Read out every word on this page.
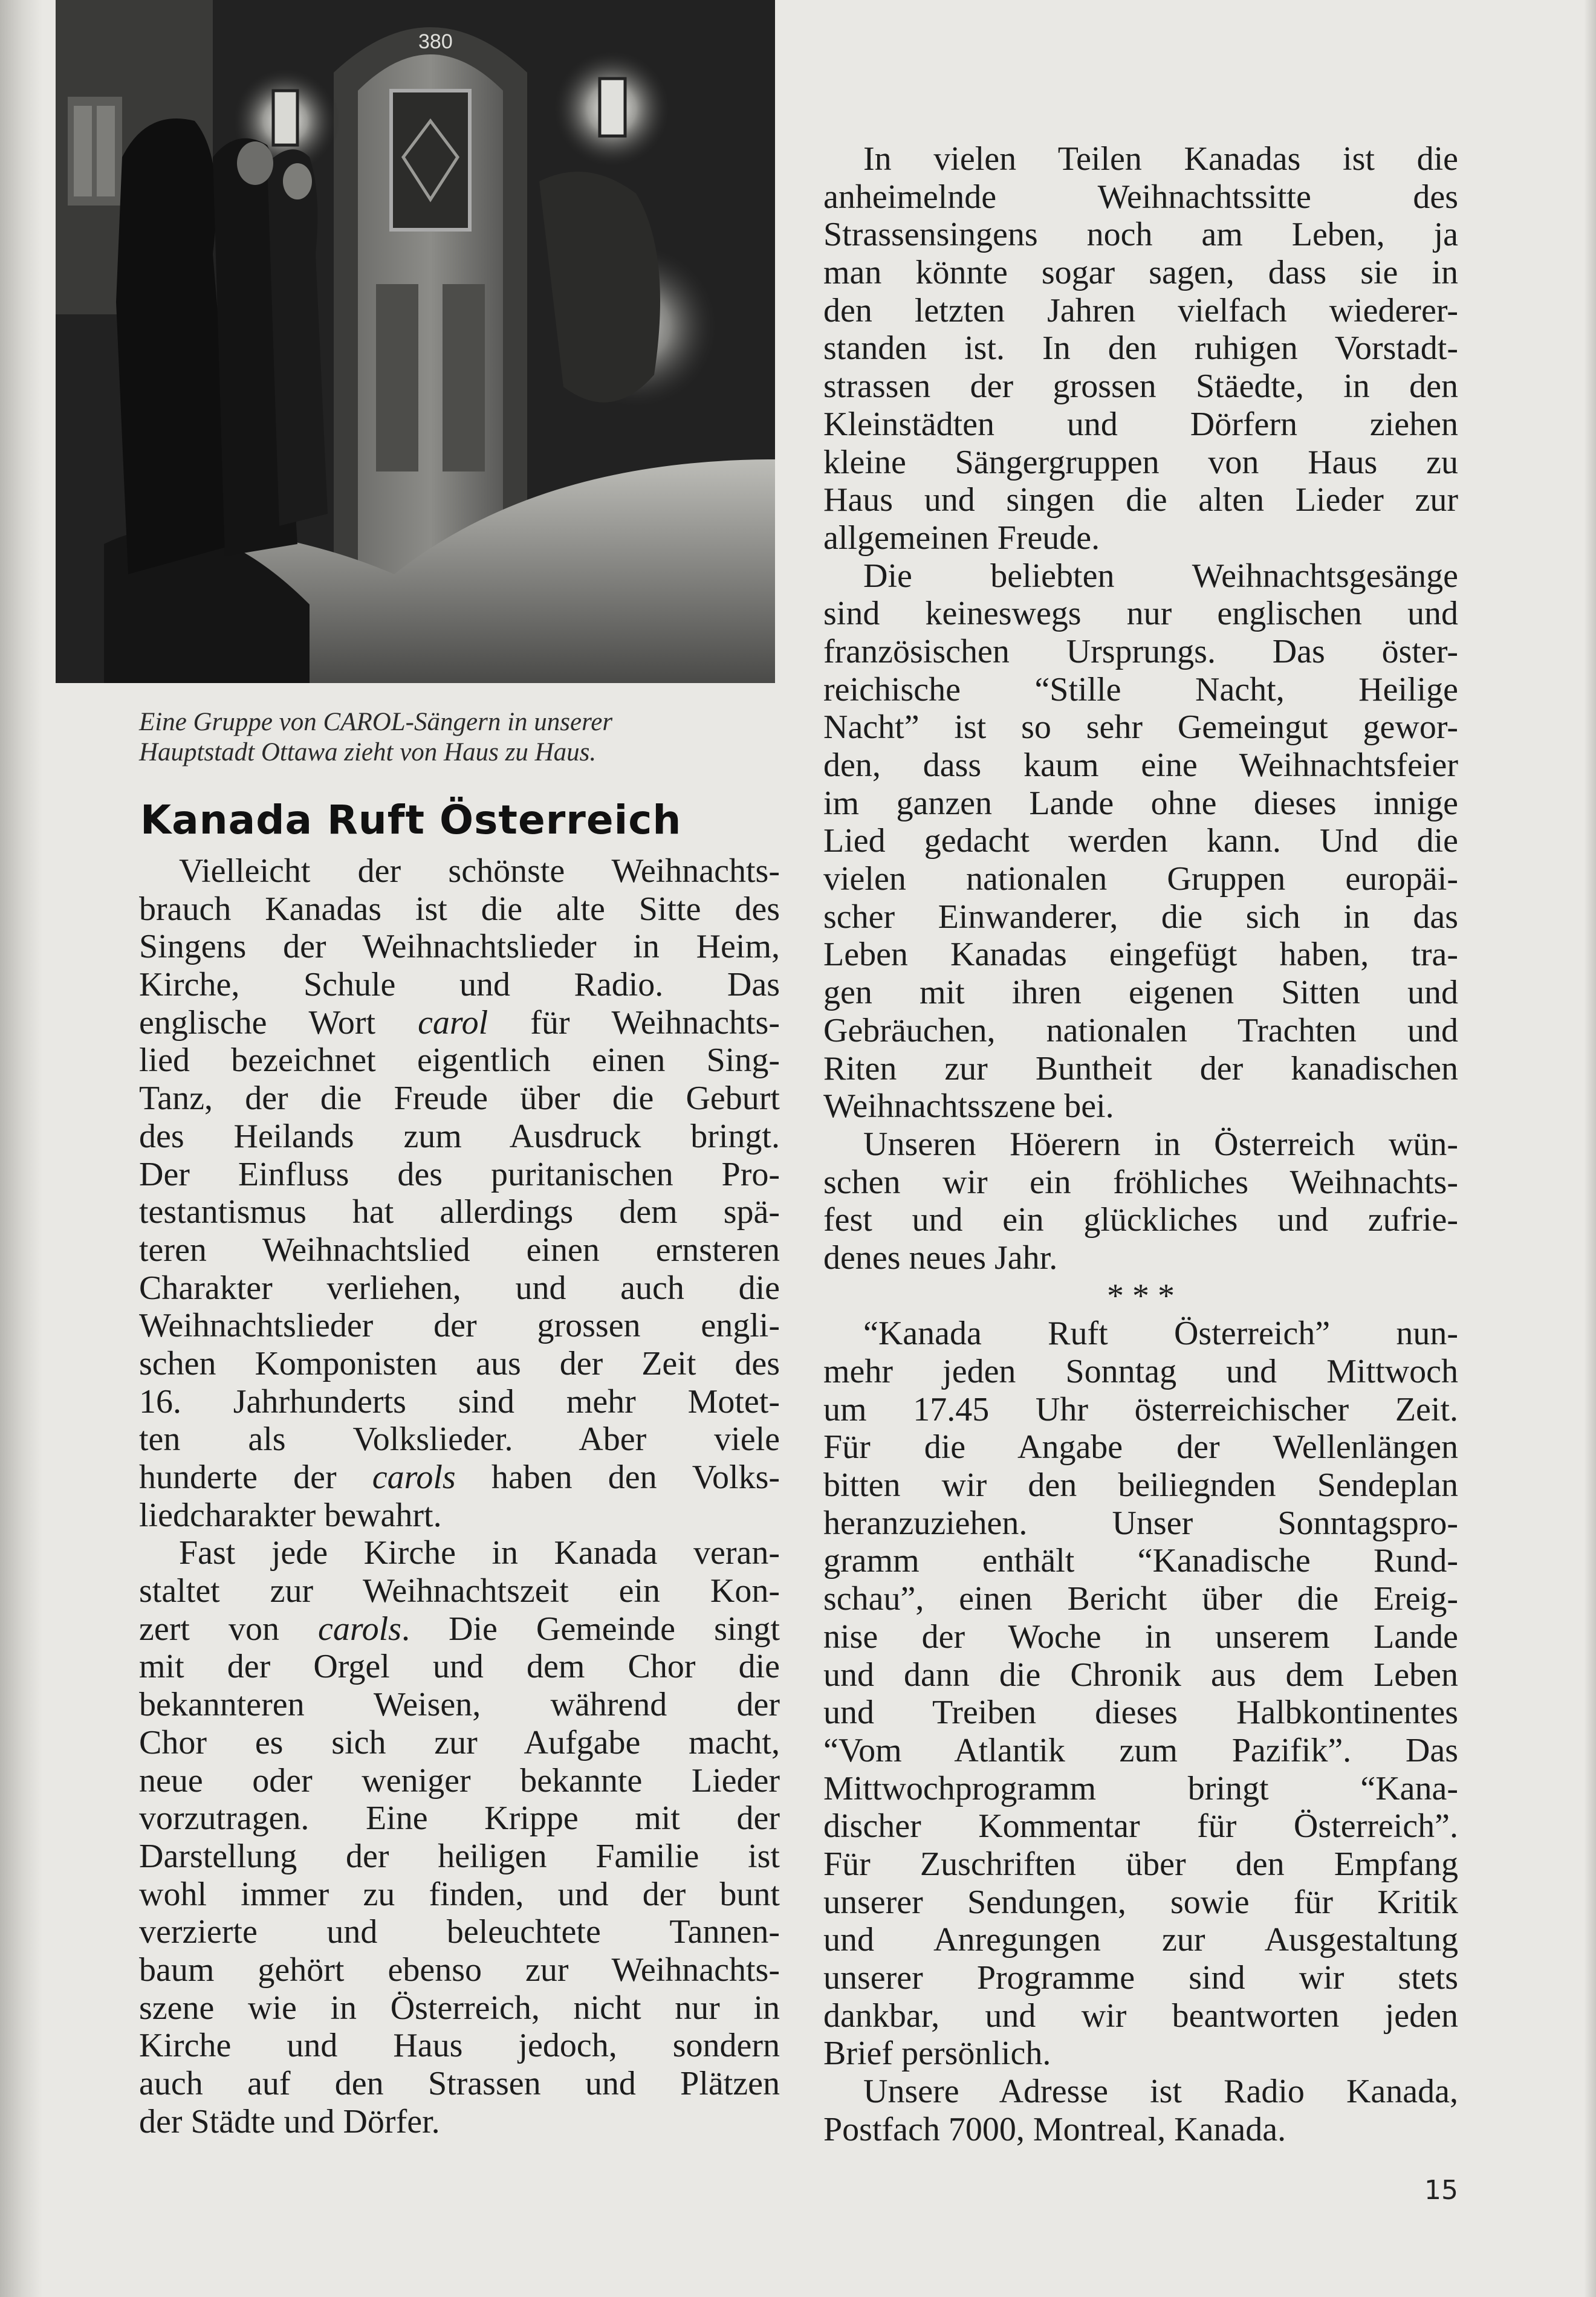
380
Eine Gruppe von CAROL-Sängern in unserer
Hauptstadt Ottawa zieht von Haus zu Haus.
Kanada Ruft Österreich
Vielleicht der schönste Weihnachts-
brauch Kanadas ist die alte Sitte des
Singens der Weihnachtslieder in Heim,
Kirche, Schule und Radio. Das
englische Wort carol für Weihnachts-
lied bezeichnet eigentlich einen Sing-
Tanz, der die Freude über die Geburt
des Heilands zum Ausdruck bringt.
Der Einfluss des puritanischen Pro-
testantismus hat allerdings dem spä-
teren Weihnachtslied einen ernsteren
Charakter verliehen, und auch die
Weihnachtslieder der grossen engli-
schen Komponisten aus der Zeit des
16. Jahrhunderts sind mehr Motet-
ten als Volkslieder. Aber viele
hunderte der carols haben den Volks-
liedcharakter bewahrt.
Fast jede Kirche in Kanada veran-
staltet zur Weihnachtszeit ein Kon-
zert von carols. Die Gemeinde singt
mit der Orgel und dem Chor die
bekannteren Weisen, während der
Chor es sich zur Aufgabe macht,
neue oder weniger bekannte Lieder
vorzutragen. Eine Krippe mit der
Darstellung der heiligen Familie ist
wohl immer zu finden, und der bunt
verzierte und beleuchtete Tannen-
baum gehört ebenso zur Weihnachts-
szene wie in Österreich, nicht nur in
Kirche und Haus jedoch, sondern
auch auf den Strassen und Plätzen
der Städte und Dörfer.
In vielen Teilen Kanadas ist die
anheimelnde Weihnachtssitte des
Strassensingens noch am Leben, ja
man könnte sogar sagen, dass sie in
den letzten Jahren vielfach wiederer-
standen ist. In den ruhigen Vorstadt-
strassen der grossen Stäedte, in den
Kleinstädten und Dörfern ziehen
kleine Sängergruppen von Haus zu
Haus und singen die alten Lieder zur
allgemeinen Freude.
Die beliebten Weihnachtsgesänge
sind keineswegs nur englischen und
französischen Ursprungs. Das öster-
reichische “Stille Nacht, Heilige
Nacht” ist so sehr Gemeingut gewor-
den, dass kaum eine Weihnachtsfeier
im ganzen Lande ohne dieses innige
Lied gedacht werden kann. Und die
vielen nationalen Gruppen europäi-
scher Einwanderer, die sich in das
Leben Kanadas eingefügt haben, tra-
gen mit ihren eigenen Sitten und
Gebräuchen, nationalen Trachten und
Riten zur Buntheit der kanadischen
Weihnachtsszene bei.
Unseren Höerern in Österreich wün-
schen wir ein fröhliches Weihnachts-
fest und ein glückliches und zufrie-
denes neues Jahr.
* * *
“Kanada Ruft Österreich” nun-
mehr jeden Sonntag und Mittwoch
um 17.45 Uhr österreichischer Zeit.
Für die Angabe der Wellenlängen
bitten wir den beiliegnden Sendeplan
heranzuziehen. Unser Sonntagspro-
gramm enthält “Kanadische Rund-
schau”, einen Bericht über die Ereig-
nise der Woche in unserem Lande
und dann die Chronik aus dem Leben
und Treiben dieses Halbkontinentes
“Vom Atlantik zum Pazifik”. Das
Mittwochprogramm bringt “Kana-
discher Kommentar für Österreich”.
Für Zuschriften über den Empfang
unserer Sendungen, sowie für Kritik
und Anregungen zur Ausgestaltung
unserer Programme sind wir stets
dankbar, und wir beantworten jeden
Brief persönlich.
Unsere Adresse ist Radio Kanada,
Postfach 7000, Montreal, Kanada.
15
